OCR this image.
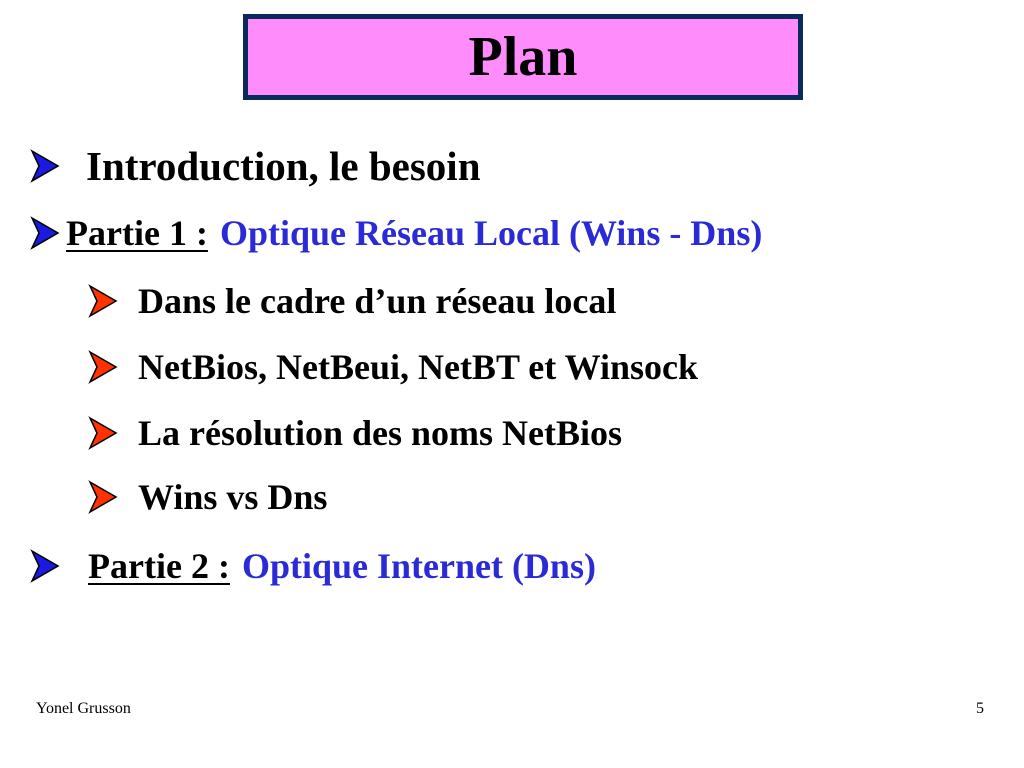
Plan
Introduction, le besoin
Partie 1 : Optique Réseau Local (Wins - Dns)
Dans le cadre d’un réseau local
NetBios, NetBeui, NetBT et Winsock
La résolution des noms NetBios
Wins vs Dns
Partie 2 : Optique Internet (Dns)
Yonel Grusson	5
